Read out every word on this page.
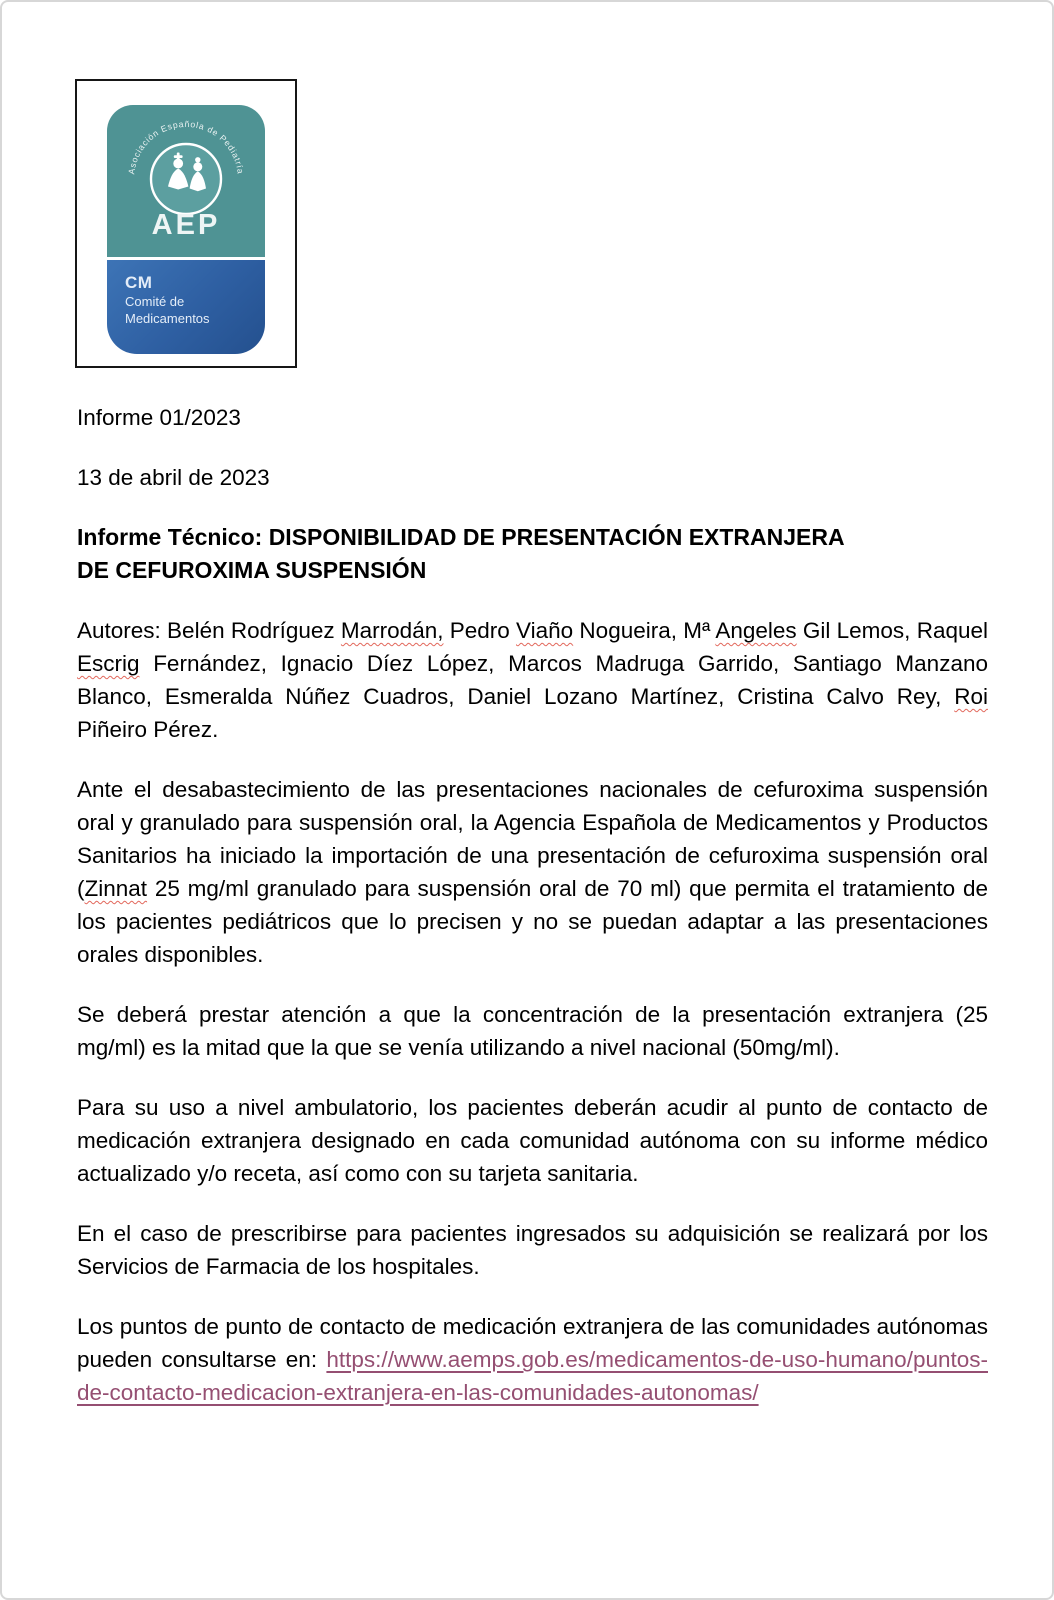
Asociación Española de Pediatría
AEP
CM
Comité de
Medicamentos

Informe 01/2023

13 de abril de 2023

Informe Técnico: DISPONIBILIDAD DE PRESENTACIÓN EXTRANJERA
DE CEFUROXIMA SUSPENSIÓN

Autores: Belén Rodríguez Marrodán, Pedro Viaño Nogueira, Mª Angeles Gil Lemos, Raquel Escrig Fernández, Ignacio Díez López, Marcos Madruga Garrido, Santiago Manzano Blanco, Esmeralda Núñez Cuadros, Daniel Lozano Martínez, Cristina Calvo Rey, Roi Piñeiro Pérez.

Ante el desabastecimiento de las presentaciones nacionales de cefuroxima suspensión oral y granulado para suspensión oral, la Agencia Española de Medicamentos y Productos Sanitarios ha iniciado la importación de una presentación de cefuroxima suspensión oral (Zinnat 25 mg/ml granulado para suspensión oral de 70 ml) que permita el tratamiento de los pacientes pediátricos que lo precisen y no se puedan adaptar a las presentaciones orales disponibles.

Se deberá prestar atención a que la concentración de la presentación extranjera (25 mg/ml) es la mitad que la que se venía utilizando a nivel nacional (50mg/ml).

Para su uso a nivel ambulatorio, los pacientes deberán acudir al punto de contacto de medicación extranjera designado en cada comunidad autónoma con su informe médico actualizado y/o receta, así como con su tarjeta sanitaria.

En el caso de prescribirse para pacientes ingresados su adquisición se realizará por los Servicios de Farmacia de los hospitales.

Los puntos de punto de contacto de medicación extranjera de las comunidades autónomas pueden consultarse en: https://www.aemps.gob.es/medicamentos-de-uso-humano/puntos-de-contacto-medicacion-extranjera-en-las-comunidades-autonomas/
